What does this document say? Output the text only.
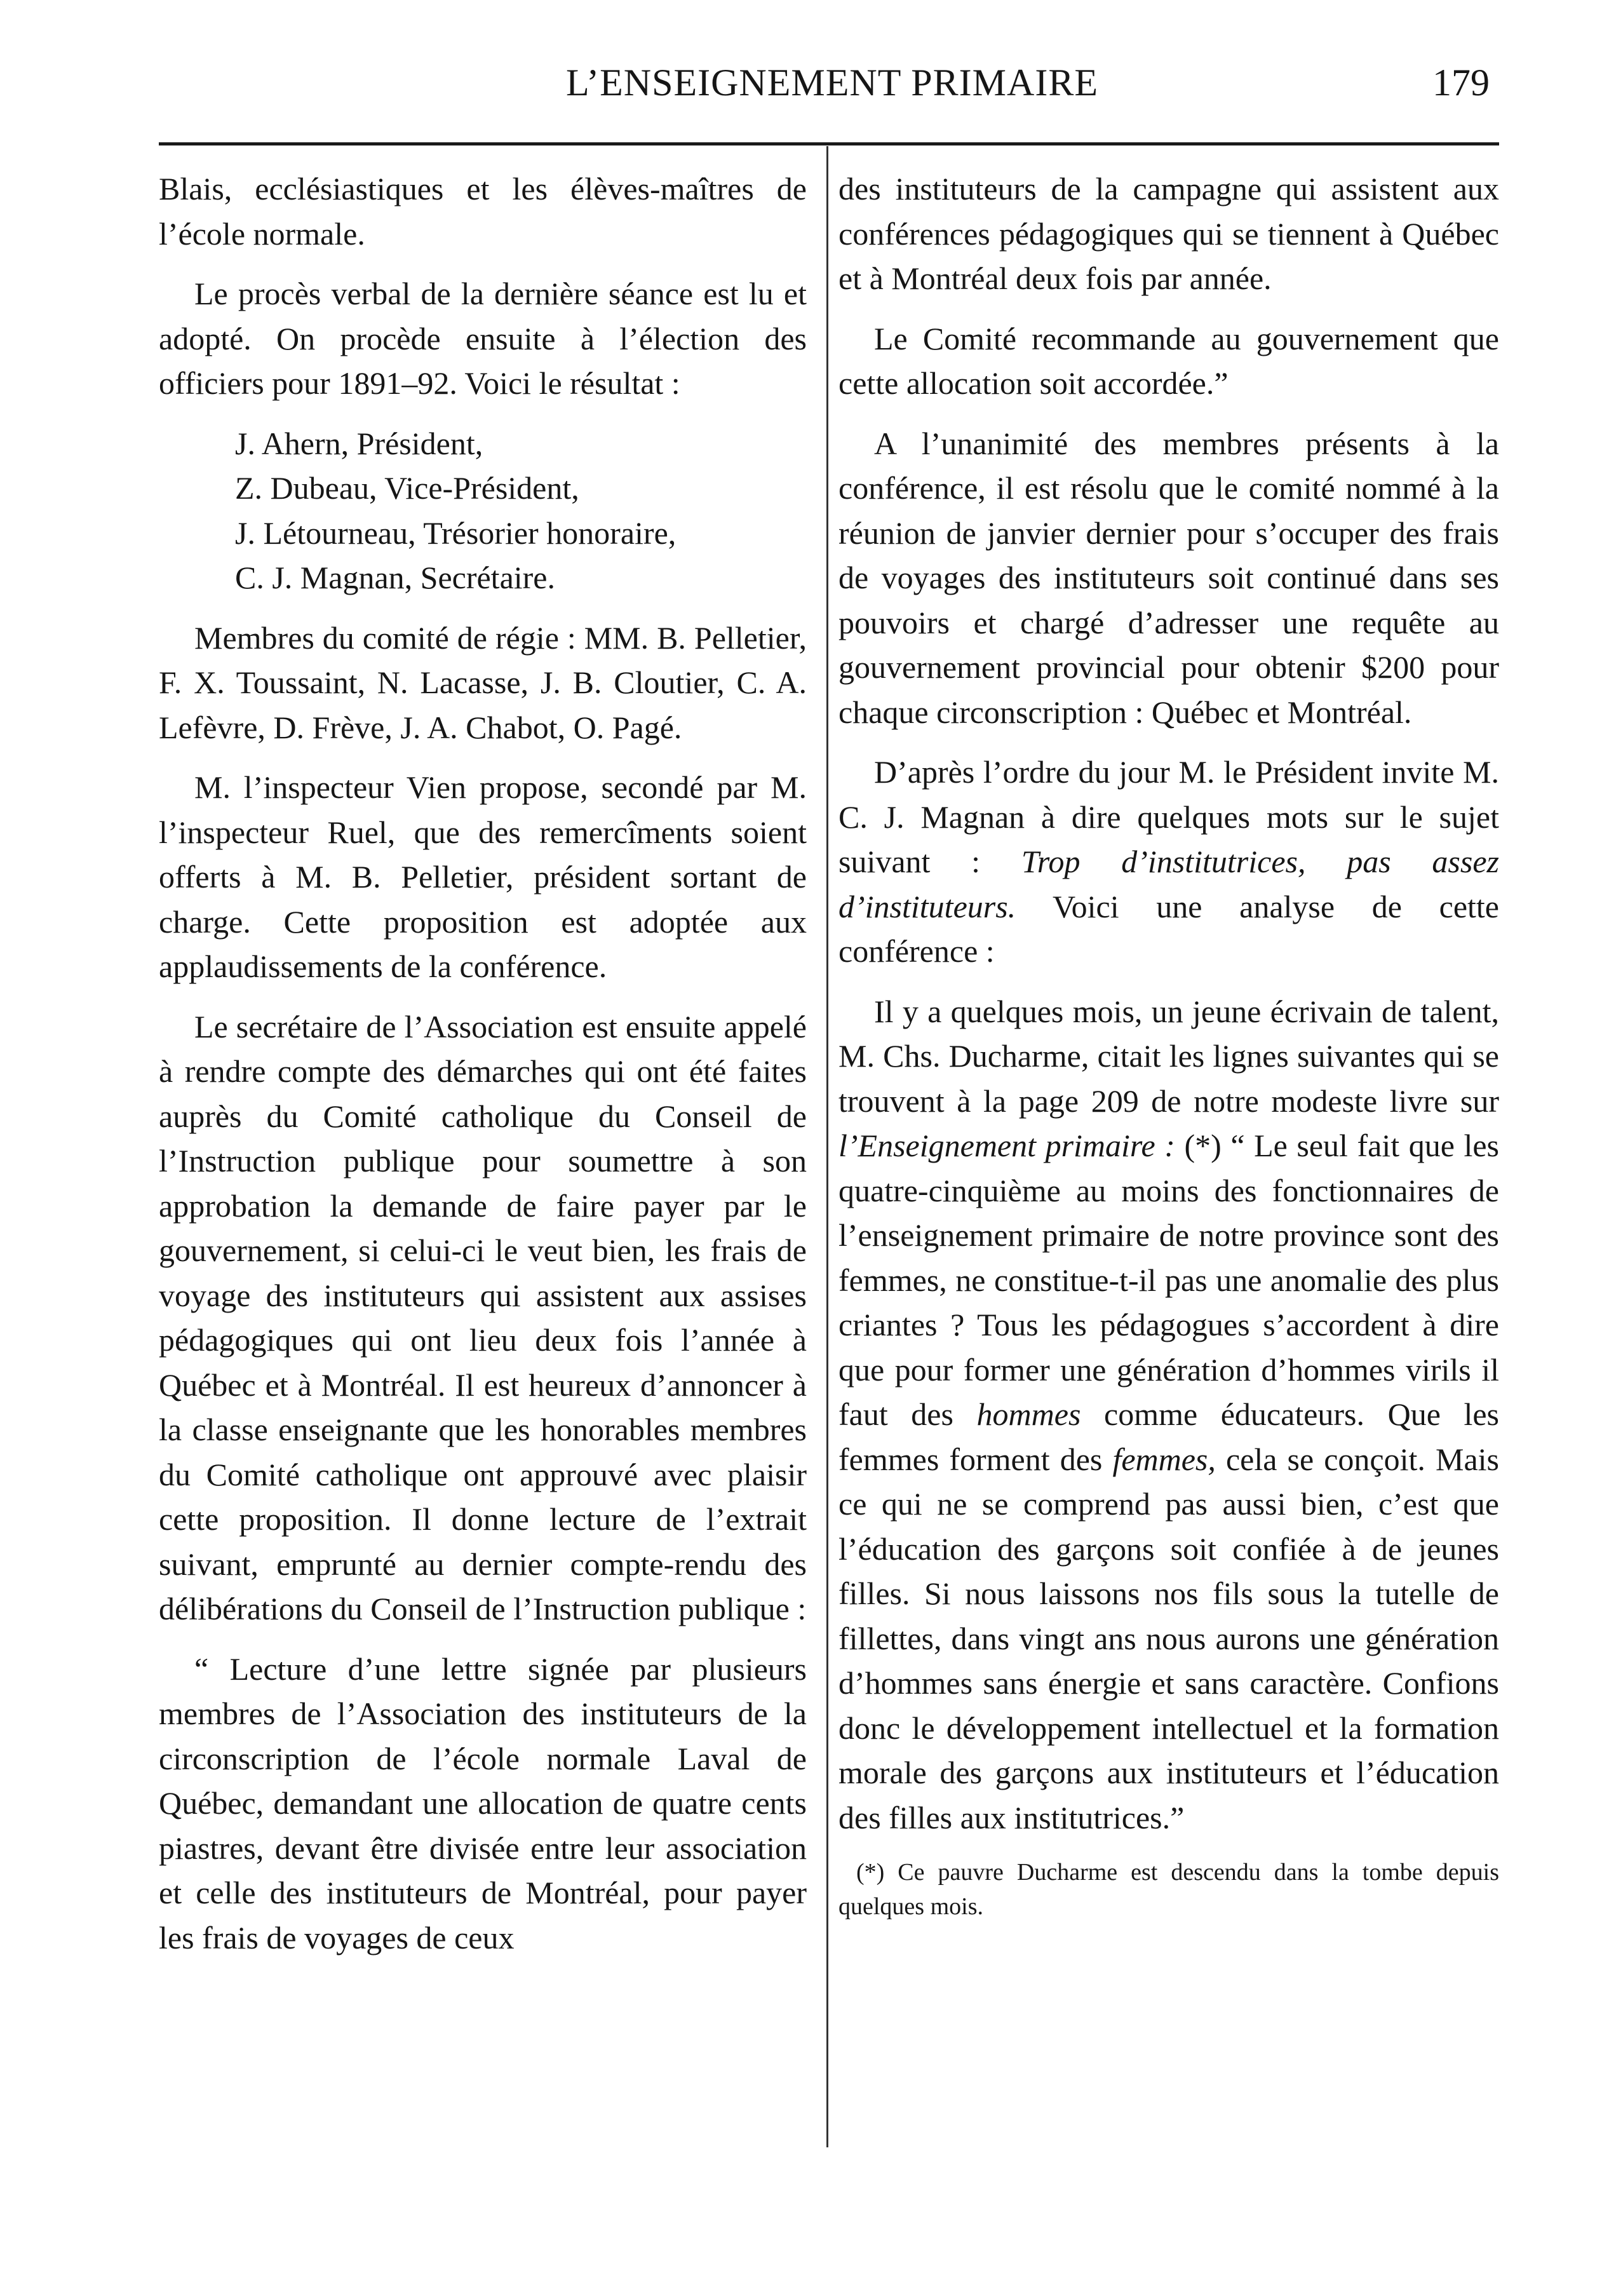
L’ENSEIGNEMENT PRIMAIRE	179

Blais, ecclésiastiques et les élèves-maîtres de l’école normale.

Le procès verbal de la dernière séance est lu et adopté. On procède ensuite à l’élection des officiers pour 1891–92. Voici le résultat :

J. Ahern, Président,

Z. Dubeau, Vice-Président,

J. Létourneau, Trésorier honoraire,

C. J. Magnan, Secrétaire.

Membres du comité de régie : MM. B. Pelletier, F. X. Toussaint, N. Lacasse, J. B. Cloutier, C. A. Lefèvre, D. Frève, J. A. Chabot, O. Pagé.

M. l’inspecteur Vien propose, secondé par M. l’inspecteur Ruel, que des remercîments soient offerts à M. B. Pelletier, président sortant de charge. Cette proposition est adoptée aux applaudissements de la conférence.

Le secrétaire de l’Association est ensuite appelé à rendre compte des démarches qui ont été faites auprès du Comité catholique du Conseil de l’Instruction publique pour soumettre à son approbation la demande de faire payer par le gouvernement, si celui-ci le veut bien, les frais de voyage des instituteurs qui assistent aux assises pédagogiques qui ont lieu deux fois l’année à Québec et à Montréal. Il est heureux d’annoncer à la classe enseignante que les honorables membres du Comité catholique ont approuvé avec plaisir cette proposition. Il donne lecture de l’extrait suivant, emprunté au dernier compte-rendu des délibérations du Conseil de l’Instruction publique :

“ Lecture d’une lettre signée par plusieurs membres de l’Association des instituteurs de la circonscription de l’école normale Laval de Québec, demandant une allocation de quatre cents piastres, devant être divisée entre leur association et celle des instituteurs de Montréal, pour payer les frais de voyages de ceux

des instituteurs de la campagne qui assistent aux conférences pédagogiques qui se tiennent à Québec et à Montréal deux fois par année.

Le Comité recommande au gouvernement que cette allocation soit accordée.”

A l’unanimité des membres présents à la conférence, il est résolu que le comité nommé à la réunion de janvier dernier pour s’occuper des frais de voyages des instituteurs soit continué dans ses pouvoirs et chargé d’adresser une requête au gouvernement provincial pour obtenir $200 pour chaque circonscription : Québec et Montréal.

D’après l’ordre du jour M. le Président invite M. C. J. Magnan à dire quelques mots sur le sujet suivant : Trop d’institutrices, pas assez d’instituteurs. Voici une analyse de cette conférence :

Il y a quelques mois, un jeune écrivain de talent, M. Chs. Ducharme, citait les lignes suivantes qui se trouvent à la page 209 de notre modeste livre sur l’Enseignement primaire : (*) “ Le seul fait que les quatre-cinquième au moins des fonctionnaires de l’enseignement primaire de notre province sont des femmes, ne constitue-t-il pas une anomalie des plus criantes ? Tous les pédagogues s’accordent à dire que pour former une génération d’hommes virils il faut des hommes comme éducateurs. Que les femmes forment des femmes, cela se conçoit. Mais ce qui ne se comprend pas aussi bien, c’est que l’éducation des garçons soit confiée à de jeunes filles. Si nous laissons nos fils sous la tutelle de fillettes, dans vingt ans nous aurons une génération d’hommes sans énergie et sans caractère. Confions donc le développement intellectuel et la formation morale des garçons aux instituteurs et l’éducation des filles aux institutrices.”

(*) Ce pauvre Ducharme est descendu dans la tombe depuis quelques mois.
